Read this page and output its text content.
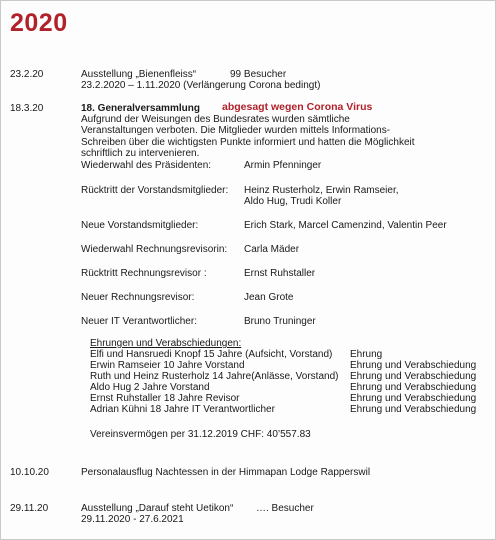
2020
23.2.20	Ausstellung „Bienenfleiss“	99 Besucher
23.2.2020 – 1.11.2020 (Verlängerung Corona bedingt)
18.3.20	18. Generalversammlung abgesagt wegen Corona Virus
Aufgrund der Weisungen des Bundesrates wurden sämtliche Veranstaltungen verboten. Die Mitglieder wurden mittels Informations-Schreiben über die wichtigsten Punkte informiert und hatten die Möglichkeit schriftlich zu intervenieren.
Wiederwahl des Präsidenten:	Armin Pfenninger
Rücktritt der Vorstandsmitglieder: Heinz Rusterholz, Erwin Ramseier,
Aldo Hug, Trudi Koller
Neue Vorstandsmitglieder:	Erich Stark, Marcel Camenzind, Valentin Peer
Wiederwahl Rechnungsrevisorin: Carla Mäder
Rücktritt Rechnungsrevisor :	Ernst Ruhstaller
Neuer Rechnungsrevisor:	Jean Grote
Neuer IT Verantwortlicher:	Bruno Truninger
Ehrungen und Verabschiedungen:
Elfi und Hansruedi Knopf 15 Jahre (Aufsicht, Vorstand) Ehrung
Erwin Ramseier 10 Jahre Vorstand	Ehrung und Verabschiedung
Ruth und Heinz Rusterholz 14 Jahre(Anlässe, Vorstand) Ehrung und Verabschiedung
Aldo Hug 2 Jahre Vorstand	Ehrung und Verabschiedung
Ernst Ruhstaller 18 Jahre Revisor	Ehrung und Verabschiedung
Adrian Kühni 18 Jahre IT Verantwortlicher	Ehrung und Verabschiedung
Vereinsvermögen per 31.12.2019 CHF: 40’557.83
10.10.20	Personalausflug Nachtessen in der Himmapan Lodge Rapperswil
29.11.20	Ausstellung „Darauf steht Uetikon“ …. Besucher
29.11.2020 - 27.6.2021
